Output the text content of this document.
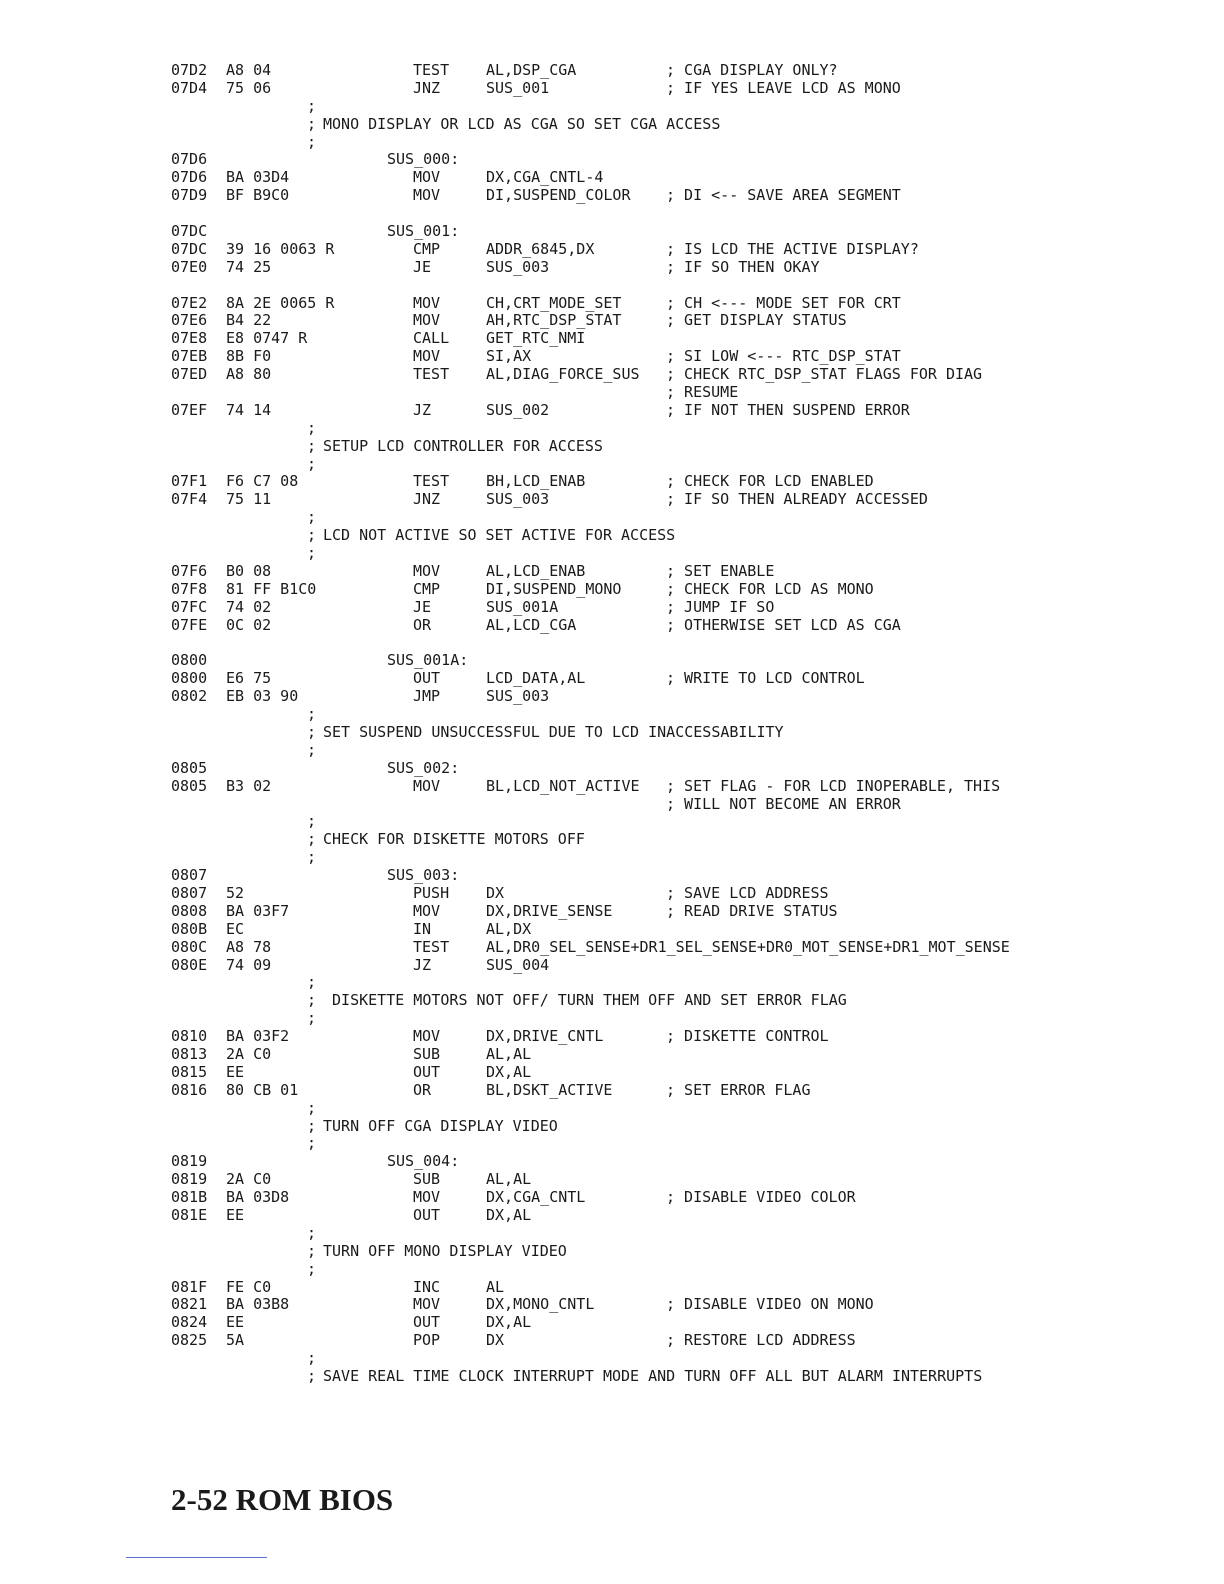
07D2 A8 04	TEST AL,DSP_CGA	; CGA DISPLAY ONLY?
07D4 75 06	JNZ	SUS_001	; IF YES LEAVE LCD AS MONO
;
; MONO DISPLAY OR LCD AS CGA SO SET CGA ACCESS
;
07D6	SUS_000:
07D6 BA 03D4	MOV	DX,CGA_CNTL-4
07D9 BF B9C0	MOV	DI,SUSPEND_COLOR ; DI <-- SAVE AREA SEGMENT
07DC	SUS_001:
07DC 39 16 0063 R	CMP	ADDR_6845,DX	; IS LCD THE ACTIVE DISPLAY?
07E0 74 25	JE	SUS_003	; IF SO THEN OKAY
07E2 8A 2E 0065 R	MOV	CH,CRT_MODE_SET	; CH <--- MODE SET FOR CRT
07E6 B4 22	MOV	AH,RTC_DSP_STAT	; GET DISPLAY STATUS
07E8 E8 0747 R	CALL GET_RTC_NMI
07EB 8B F0	MOV	SI,AX	; SI LOW <--- RTC_DSP_STAT
07ED A8 80	TEST AL,DIAG_FORCE_SUS ; CHECK RTC_DSP_STAT FLAGS FOR DIAG
; RESUME
07EF 74 14	JZ	SUS_002	; IF NOT THEN SUSPEND ERROR
;
; SETUP LCD CONTROLLER FOR ACCESS
;
07F1 F6 C7 08	TEST BH,LCD_ENAB	; CHECK FOR LCD ENABLED
07F4 75 11	JNZ	SUS_003	; IF SO THEN ALREADY ACCESSED
;
; LCD NOT ACTIVE SO SET ACTIVE FOR ACCESS
;
07F6 B0 08	MOV	AL,LCD_ENAB	; SET ENABLE
07F8 81 FF B1C0	CMP	DI,SUSPEND_MONO	; CHECK FOR LCD AS MONO
07FC 74 02	JE	SUS_001A	; JUMP IF SO
07FE 0C 02	OR	AL,LCD_CGA	; OTHERWISE SET LCD AS CGA
0800	SUS_001A:
0800 E6 75	OUT	LCD_DATA,AL	; WRITE TO LCD CONTROL
0802 EB 03 90	JMP	SUS_003
;
; SET SUSPEND UNSUCCESSFUL DUE TO LCD INACCESSABILITY
;
0805	SUS_002:
0805 B3 02	MOV	BL,LCD_NOT_ACTIVE ; SET FLAG - FOR LCD INOPERABLE, THIS
; WILL NOT BECOME AN ERROR
;
; CHECK FOR DISKETTE MOTORS OFF
;
0807	SUS_003:
0807 52	PUSH DX	; SAVE LCD ADDRESS
0808 BA 03F7	MOV	DX,DRIVE_SENSE	; READ DRIVE STATUS
080B EC	IN	AL,DX
080C A8 78	TEST AL,DR0_SEL_SENSE+DR1_SEL_SENSE+DR0_MOT_SENSE+DR1_MOT_SENSE
080E 74 09	JZ	SUS_004
;
; DISKETTE MOTORS NOT OFF/ TURN THEM OFF AND SET ERROR FLAG
;
0810 BA 03F2	MOV	DX,DRIVE_CNTL	; DISKETTE CONTROL
0813 2A C0	SUB	AL,AL
0815 EE	OUT	DX,AL
0816 80 CB 01	OR	BL,DSKT_ACTIVE	; SET ERROR FLAG
;
; TURN OFF CGA DISPLAY VIDEO
;
0819	SUS_004:
0819 2A C0	SUB	AL,AL
081B BA 03D8	MOV	DX,CGA_CNTL	; DISABLE VIDEO COLOR
081E EE	OUT	DX,AL
;
; TURN OFF MONO DISPLAY VIDEO
;
081F FE C0	INC	AL
0821 BA 03B8	MOV	DX,MONO_CNTL	; DISABLE VIDEO ON MONO
0824 EE	OUT	DX,AL
0825 5A	POP	DX	; RESTORE LCD ADDRESS
;
; SAVE REAL TIME CLOCK INTERRUPT MODE AND TURN OFF ALL BUT ALARM INTERRUPTS
2-52 ROM BIOS
